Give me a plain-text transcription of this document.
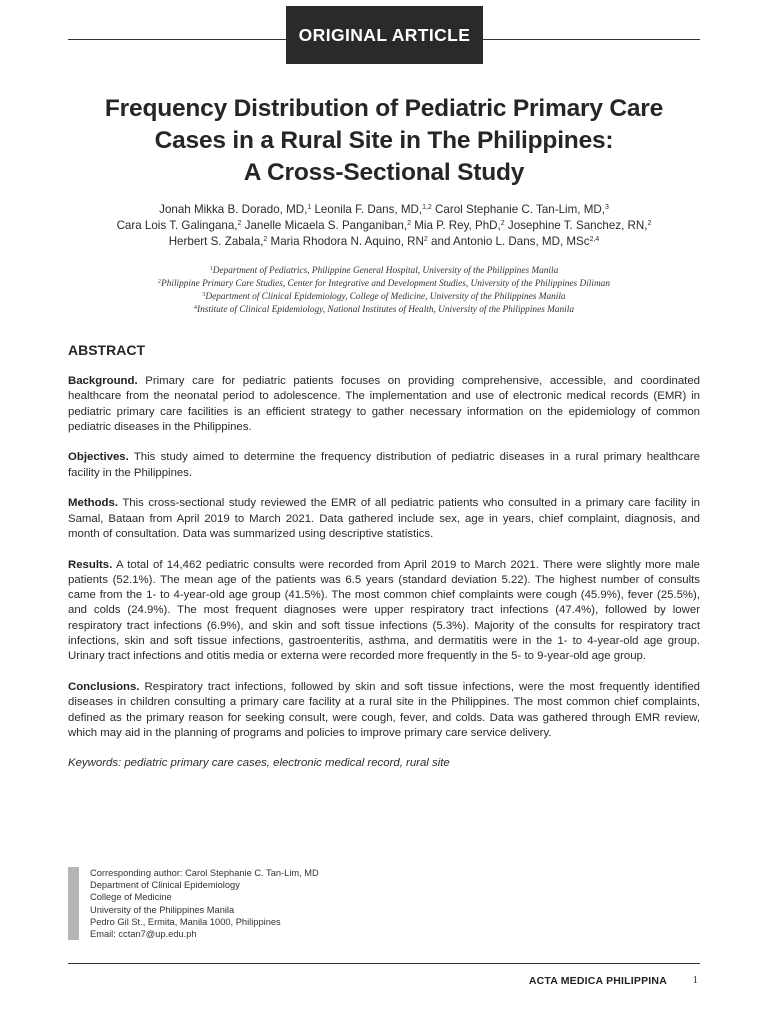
ORIGINAL ARTICLE
Frequency Distribution of Pediatric Primary Care
Cases in a Rural Site in The Philippines:
A Cross-Sectional Study
Jonah Mikka B. Dorado, MD,$^1$ Leonila F. Dans, MD,$^{1,2}$ Carol Stephanie C. Tan-Lim, MD,$^3$
Cara Lois T. Galingana,$^2$ Janelle Micaela S. Panganiban,$^2$ Mia P. Rey, PhD,$^2$ Josephine T. Sanchez, RN,$^2$
Herbert S. Zabala,$^2$ Maria Rhodora N. Aquino, $RN^2$ and Antonio L. Dans, MD, MSc$^{2,4}$
$^1$Department of Pediatrics, Philippine General Hospital, University of the Philippines Manila
$^2$Philippine Primary Care Studies, Center for Integrative and Development Studies, University of the Philippines Diliman
$^3$Department of Clinical Epidemiology, College of Medicine, University of the Philippines Manila
$^4$Institute of Clinical Epidemiology, National Institutes of Health, University of the Philippines Manila
ABSTRACT

Background. Primary care for pediatric patients focuses on providing comprehensive, accessible, and coordinated healthcare from the neonatal period to adolescence. The implementation and use of electronic medical records (EMR) in pediatric primary care facilities is an efficient strategy to gather necessary information on the epidemiology of common pediatric diseases in the Philippines.

Objectives. This study aimed to determine the frequency distribution of pediatric diseases in a rural primary healthcare facility in the Philippines.

Methods. This cross-sectional study reviewed the EMR of all pediatric patients who consulted in a primary care facility in Samal, Bataan from April 2019 to March 2021. Data gathered include sex, age in years, chief complaint, diagnosis, and month of consultation. Data was summarized using descriptive statistics.

Results. A total of 14,462 pediatric consults were recorded from April 2019 to March 2021. There were slightly more male patients (52.1%). The mean age of the patients was 6.5 years (standard deviation 5.22). The highest number of consults came from the 1- to 4-year-old age group (41.5%). The most common chief complaints were cough (45.9%), fever (25.5%), and colds (24.9%). The most frequent diagnoses were upper respiratory tract infections (47.4%), followed by lower respiratory tract infections (6.9%), and skin and soft tissue infections (5.3%). Majority of the consults for respiratory tract infections, skin and soft tissue infections, gastroenteritis, asthma, and dermatitis were in the 1- to 4-year-old age group. Urinary tract infections and otitis media or externa were recorded more frequently in the 5- to 9-year-old age group.

Conclusions. Respiratory tract infections, followed by skin and soft tissue infections, were the most frequently identified diseases in children consulting a primary care facility at a rural site in the Philippines. The most common chief complaints, defined as the primary reason for seeking consult, were cough, fever, and colds. Data was gathered through EMR review, which may aid in the planning of programs and policies to improve primary care service delivery.

Keywords: pediatric primary care cases, electronic medical record, rural site

Corresponding author: Carol Stephanie C. Tan-Lim, MD
Department of Clinical Epidemiology
College of Medicine
University of the Philippines Manila
Pedro Gil St., Ermita, Manila 1000, Philippines
Email: cctan7@up.edu.ph
ACTA MEDICA PHILIPPINA 1
